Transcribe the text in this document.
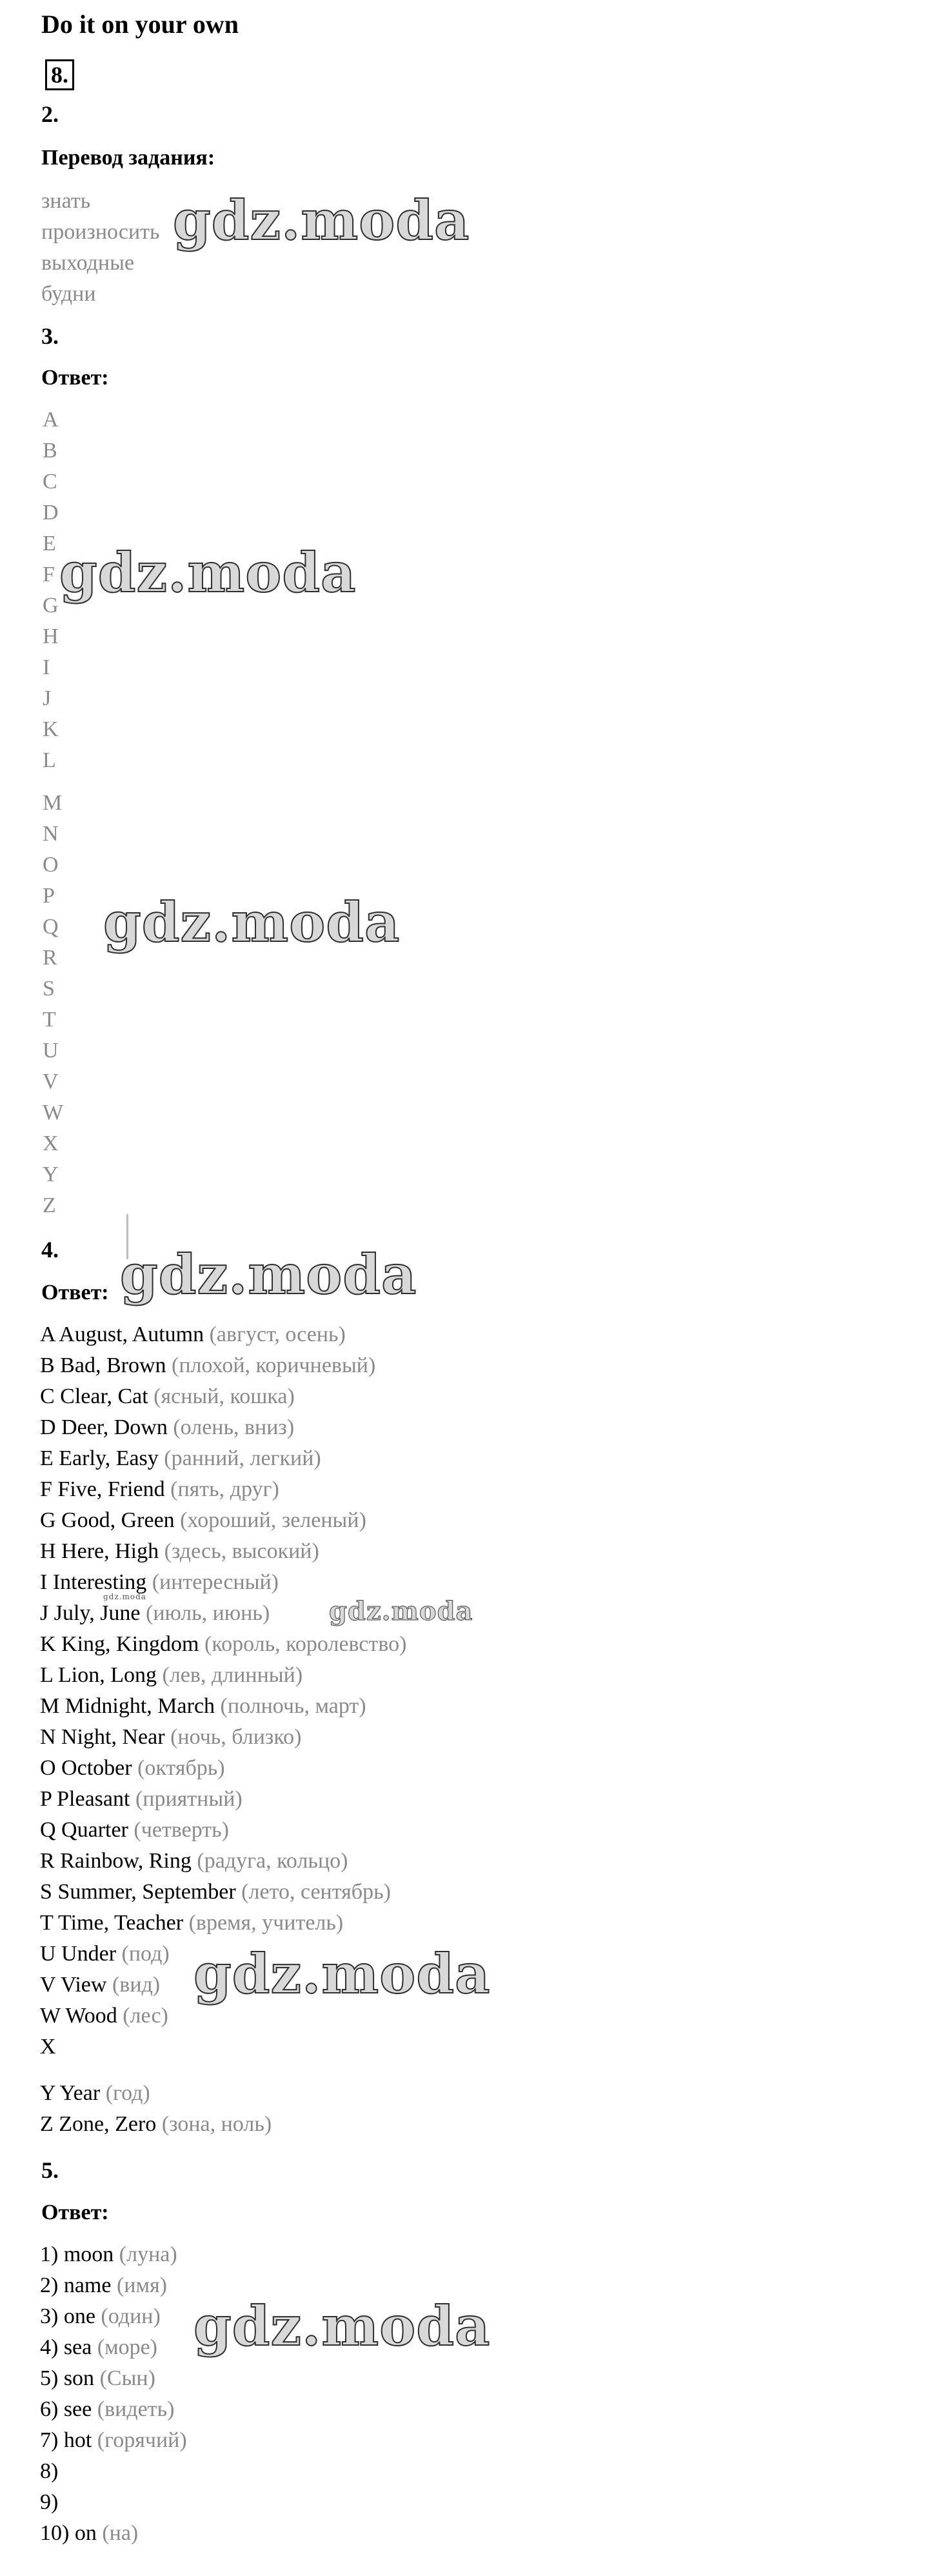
Do it on your own
8.
2.
Перевод задания:
знать
произносить
выходные
будни
3.
Ответ:
A
B
C
D
E
F
G
H
I
J
K
L
M
N
O
P
Q
R
S
T
U
V
W
X
Y
Z
4.
Ответ:
A August, Autumn (август, осень)
B Bad, Brown (плохой, коричневый)
C Clear, Cat (ясный, кошка)
D Deer, Down (олень, вниз)
E Early, Easy (ранний, легкий)
F Five, Friend (пять, друг)
G Good, Green (хороший, зеленый)
H Here, High (здесь, высокий)
I Interesting (интересный)
J July, June (июль, июнь)
K King, Kingdom (король, королевство)
L Lion, Long (лев, длинный)
M Midnight, March (полночь, март)
N Night, Near (ночь, близко)
O October (октябрь)
P Pleasant (приятный)
Q Quarter (четверть)
R Rainbow, Ring (радуга, кольцо)
S Summer, September (лето, сентябрь)
T Time, Teacher (время, учитель)
U Under (под)
V View (вид)
W Wood (лес)
X
Y Year (год)
Z Zone, Zero (зона, ноль)
5.
Ответ:
1) moon (луна)
2) name (имя)
3) one (один)
4) sea (море)
5) son (Сын)
6) see (видеть)
7) hot (горячий)
8)
9)
10) on (на)
gdz.moda
gdz.moda
gdz.moda
gdz.moda
gdz.moda
gdz.moda
gdz.moda
gdz.moda
